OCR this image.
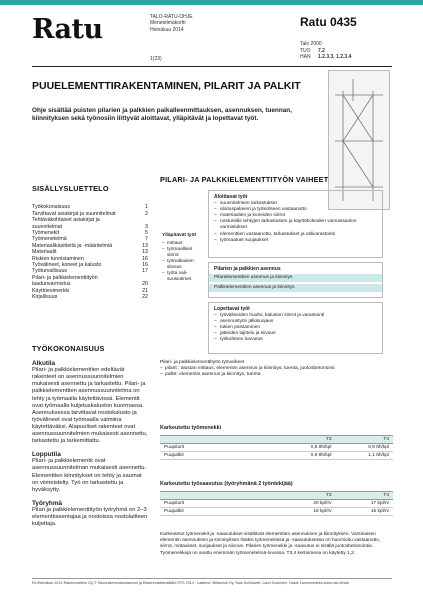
Ratu	TALO-RATU-OHJE
Menetelmäkortti
Heinäkuu 2014
1(23)
Ratu 0435
Talo 2000
TUO	7.2
HAN	1.2.3.3, 1.2.3.4
PUUELEMENTTIRAKENTAMINEN, PILARIT JA PALKIT
Ohje sisältää puisten pilarien ja palkkien paikalleenmittauksen, asennuksen, tuennan, kiinnityksen sekä työnosiin liittyvät aloittavat, ylläpitävät ja lopettavat työt.
SISÄLLYSLUETTELO
Työkokonaisuus	1
Tarvittavat asiakirjat ja suunnitelmat	2
Tehtäväkohtaiset asiakirjat ja
suunnitelmat	3
Työmenekit	5
Työmenetelmä	7
Materiaalikäsitteitä ja -määritelmiä	13
Materiaalit	13
Riskien tunnistaminen	16
Työvälineet, koneet ja kalusto	16
Työturvallisuus	17
Pilari- ja palkkielementtityön
laadunvarmistus	20
Käyttöesimerkki	21
Kirjallisuus	22
PILARI- JA PALKKIELEMENTTITYÖN VAIHEET
Ylläpitävät työt
– mittaus
– työmaalliset siirrot
– työnalkaisen siivous
– työta vali-suusiotimet
Aloittavat työt
– suunnitelmien tarkastukset
– aloituspalaveri ja työkohteen vastaanotto
– materiaalien ja koneiden siirrot
– nostureille tehtyjen tarkastusten ja käyttökokeiden voimassaolon varmistukset
– elementtien vastaanotto, tarkastukset ja välivarastointi
– työmaatuet suojaukset
Pilarien ja palkkien asennus
Pilarielementtien asennus ja kiinnitys
Palkkielementtien asennus ja kiinnitys
Lopettavat työt
– työvälineiden huolto, kaluston siirrot ja varastointi
– asennustyön jälkisuojaus
– tukien poistaminen
– jätteiden lajittelu ja siivous
– työkohteen luovutus
Pilari- ja palkkielementtityön työvaiheet
– pilarit : alustan mittaus, elementin asennus ja kiinnitys, tuenta, juotosbetonointi
– palkit: elementin asennus ja kiinnitys, tuenta
TYÖKOKONAISUUS
Alkutila
Pilari- ja palkkielementtien edeltävät rakenteet on asennussuunnitelmien mukaisesti asennettu ja tarkastettu. Pilari- ja palkkielementtien asennussuunnitelma on tehty ja työmaalla käytettävissä. Elementit ovat työmaalla kuljetuskaluston kuormassa. Asennuksessa tarvittavat nostokalusto ja työvälineet ovat työmaalla valmiina käytettäväksi. Alapuoliset rakenteet ovat asennussuunnitelmien mukaisesti asennettu, tarkastettu ja tarkemittattu.
Lopputila
Pilari- ja palkkielementit ovat asennussuunnitelman mukaisesti asennettu. Elementtien kiinnitykset on tehty ja saumat on viimeistelty. Työ on tarkastettu ja hyväksytty.
Työryhmä
Pilari ja palkkielementtityön työryhmä on 2–3 elementtiasentajaa ja nostoissa nostolaitteen kuljettaja.
Karkeutettu työmenekki
	T3	T4
Puupilarit	0,8 tth/kpl	0,9 tth/kpl
Puupalkit	0,9 tth/kpl	1,1 tth/kpl
Karkeutettu työsaavutus (työryhmänä 2 työntekijää)
	T3	T4
Puupilarit	20 kpl/rv	17 kpl/rv
Puupalkit	18 kpl/rv	15 kpl/rv
Karkeutetut työmenekit ja -saavutukset sisältävät elementtien asennuksen ja kiinnityksen. Varsinaisen elementin asennuksen ja kiinnityksen lisäksi työmenekissä ja -saavutuksessa on huomioitu vastaanotto, siirrot, mittaukset, suojaukset ja siivous. Pilarien työmenekki ja -saavutus ei sisällä juotosbetonointia. Työmenekkejä on avattu enemmän työmenetelmä-luvussa. T3,4 kertoimena on käytetty 1,2.
RL/Heinäkuu 2014 Rakennustieto Oy © Talonrakennustuotannon ja Rakennustietosäätiö RTS 2014 · Laatinut: Mittaviiva Oy, Satu Schildwelt, Lauri Koskinen, Oskar Lammenranta www.ratu.fi/ratu
